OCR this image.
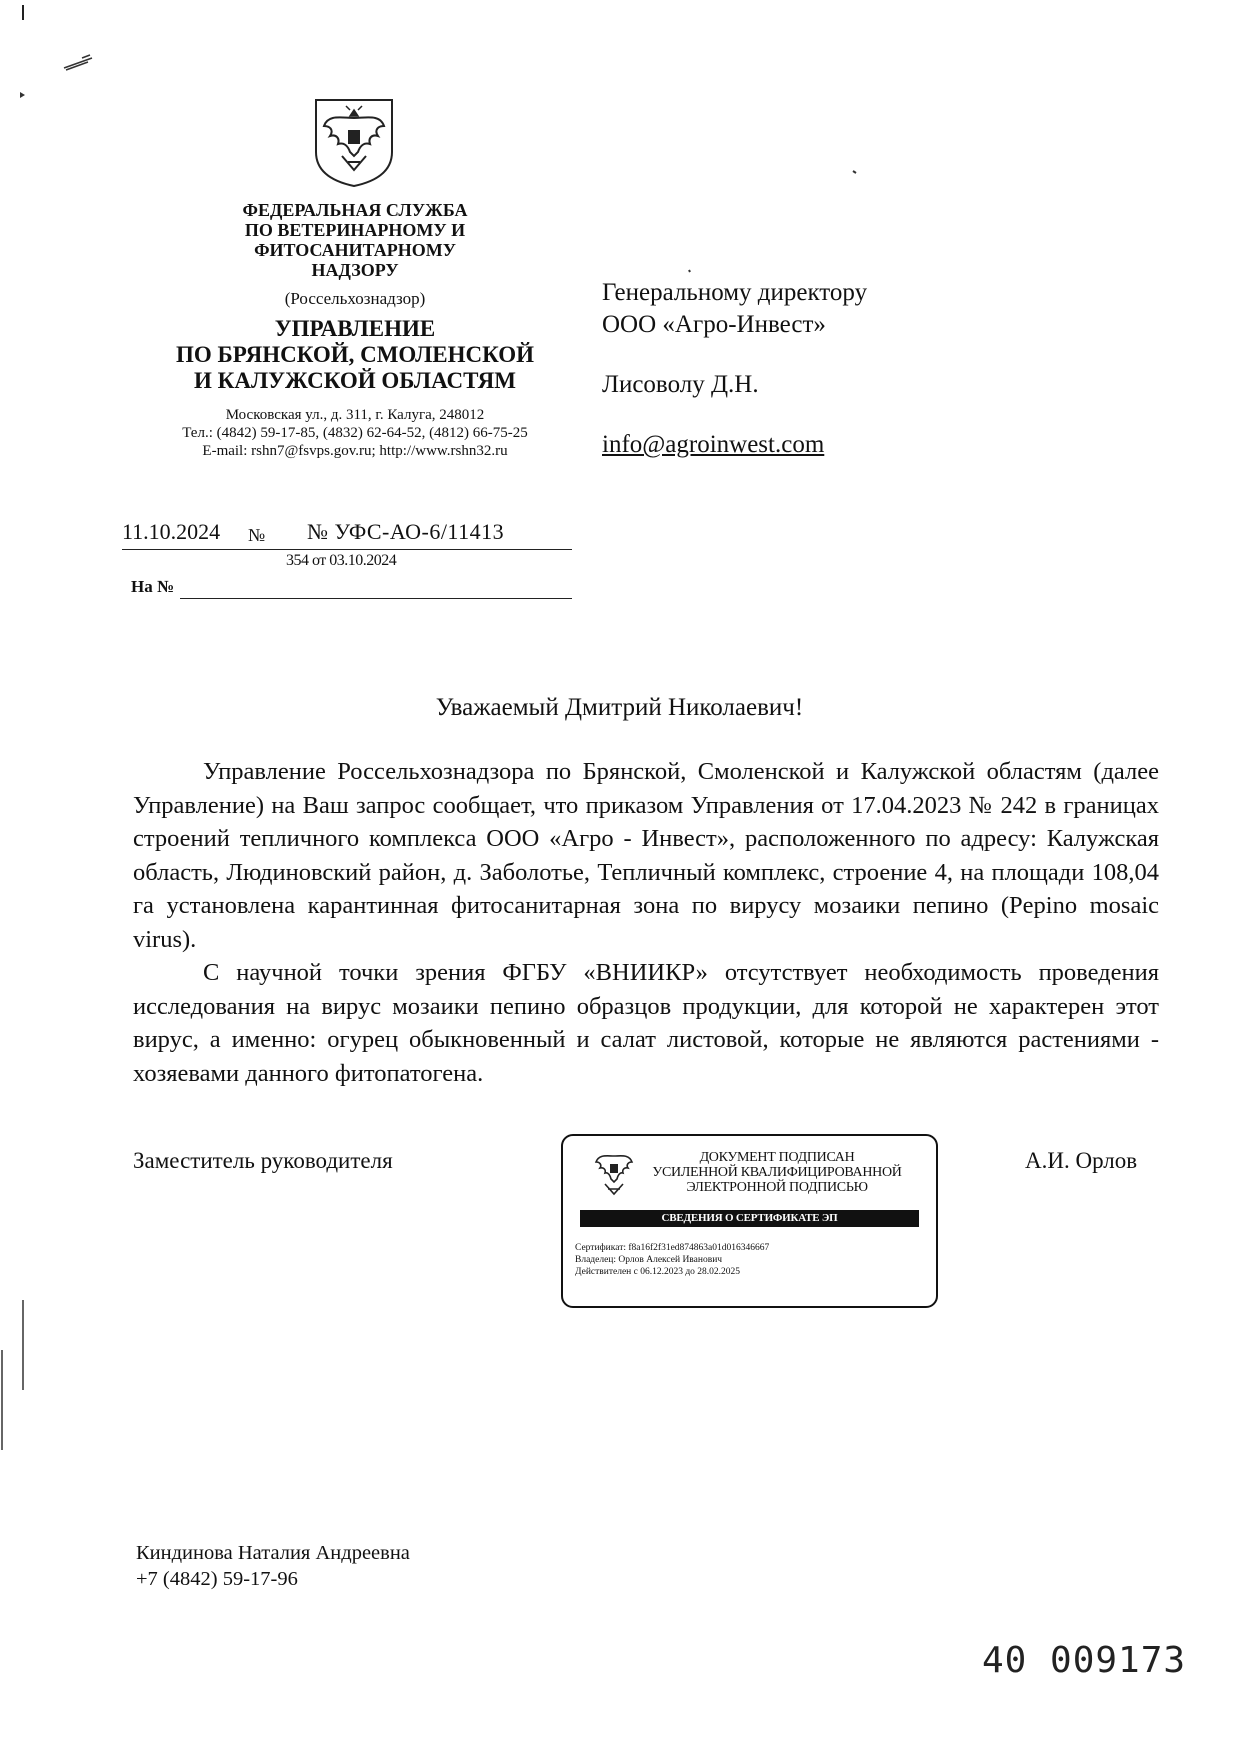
ФЕДЕРАЛЬНАЯ СЛУЖБА
ПО ВЕТЕРИНАРНОМУ И
ФИТОСАНИТАРНОМУ
НАДЗОРУ
(Россельхознадзор)
УПРАВЛЕНИЕ
ПО БРЯНСКОЙ, СМОЛЕНСКОЙ
И КАЛУЖСКОЙ ОБЛАСТЯМ
Московская ул., д. 311, г. Калуга, 248012
Тел.: (4842) 59-17-85, (4832) 62-64-52, (4812) 66-75-25
E-mail: rshn7@fsvps.gov.ru; http://www.rshn32.ru
Генеральному директору
ООО «Агро-Инвест»
Лисоволу Д.Н.
info@agroinwest.com
11.10.2024 № № УФС-АО-6/11413
354 от 03.10.2024
На №
Уважаемый Дмитрий Николаевич!

Управление Россельхознадзора по Брянской, Смоленской и Калужской областям (далее Управление) на Ваш запрос сообщает, что приказом Управления от 17.04.2023 № 242 в границах строений тепличного комплекса ООО «Агро - Инвест», расположенного по адресу: Калужская область, Людиновский район, д. Заболотье, Тепличный комплекс, строение 4, на площади 108,04 га установлена карантинная фитосанитарная зона по вирусу мозаики пепино (Pepino mosaic virus).

С научной точки зрения ФГБУ «ВНИИКР» отсутствует необходимость проведения исследования на вирус мозаики пепино образцов продукции, для которой не характерен этот вирус, а именно: огурец обыкновенный и салат листовой, которые не являются растениями - хозяевами данного фитопатогена.

Заместитель руководителя	ДОКУМЕНТ ПОДПИСАН
УСИЛЕННОЙ КВАЛИФИЦИРОВАННОЙ
ЭЛЕКТРОННОЙ ПОДПИСЬЮ
СВЕДЕНИЯ О СЕРТИФИКАТЕ ЭП
Сертификат: f8a16f2f31ed874863a01d016346667
Владелец: Орлов Алексей Иванович
Действителен с 06.12.2023 до 28.02.2025
А.И. Орлов
Киндинова Наталия Андреевна
+7 (4842) 59-17-96
40 009173
